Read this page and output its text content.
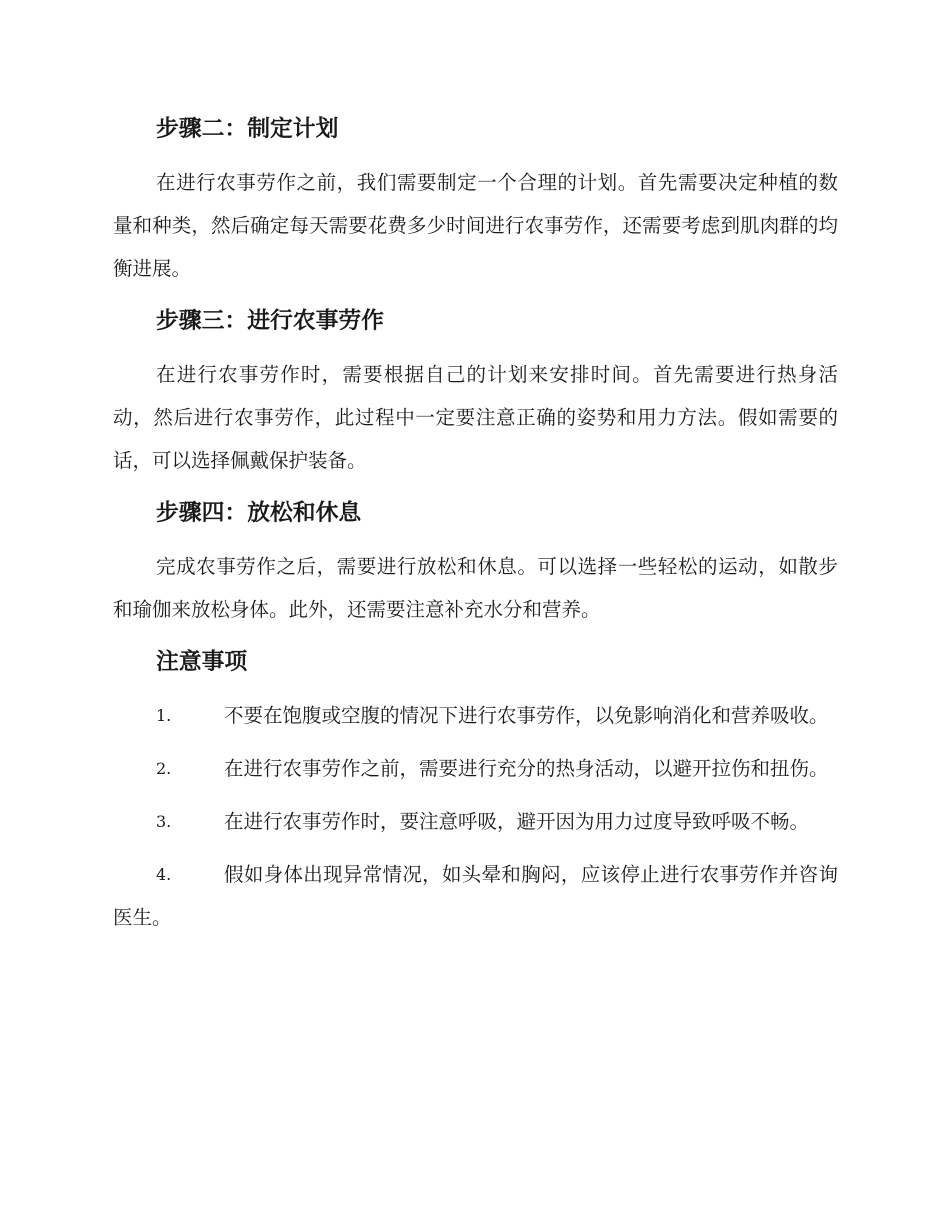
步骤二：制定计划

在进行农事劳作之前，我们需要制定一个合理的计划。首先需要决定种植的数量和种类，然后确定每天需要花费多少时间进行农事劳作，还需要考虑到肌肉群的均衡进展。

步骤三：进行农事劳作

在进行农事劳作时，需要根据自己的计划来安排时间。首先需要进行热身活动，然后进行农事劳作，此过程中一定要注意正确的姿势和用力方法。假如需要的话，可以选择佩戴保护装备。

步骤四：放松和休息

完成农事劳作之后，需要进行放松和休息。可以选择一些轻松的运动，如散步和瑜伽来放松身体。此外，还需要注意补充水分和营养。

注意事项
1.	不要在饱腹或空腹的情况下进行农事劳作，以免影响消化和营养吸收。
2.	在进行农事劳作之前，需要进行充分的热身活动，以避开拉伤和扭伤。
3.	在进行农事劳作时，要注意呼吸，避开因为用力过度导致呼吸不畅。
4.	假如身体出现异常情况，如头晕和胸闷，应该停止进行农事劳作并咨询医生。
